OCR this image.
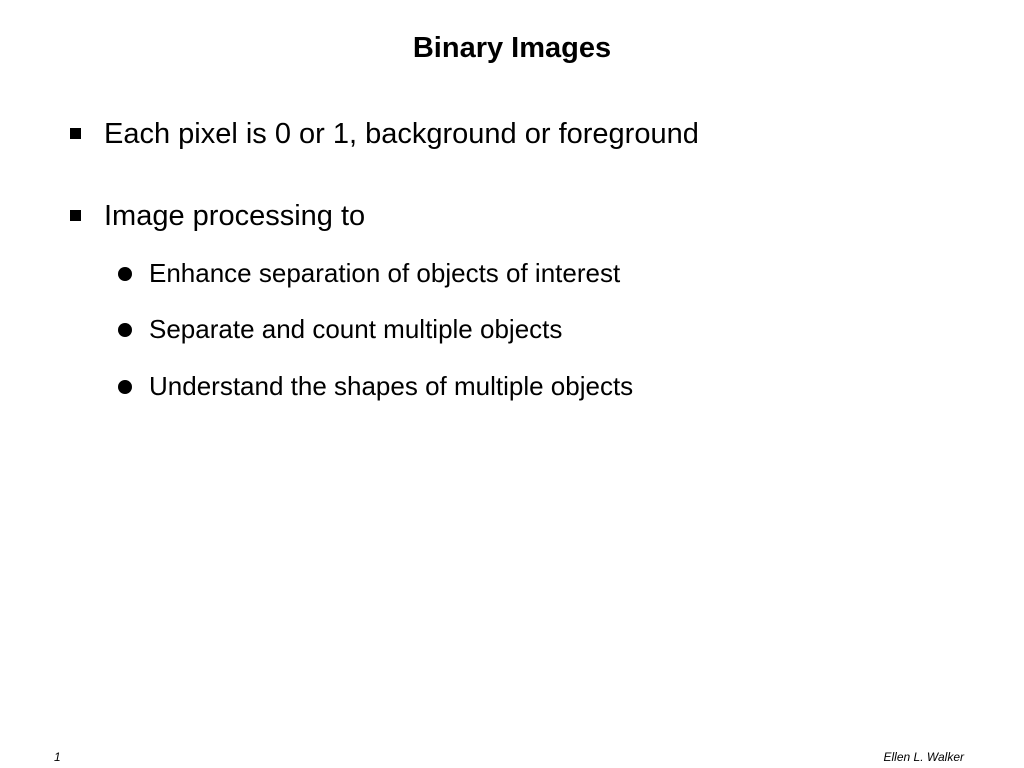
Binary Images
Each pixel is 0 or 1, background or foreground
Image processing to
Enhance separation of objects of interest
Separate and count multiple objects
Understand the shapes of multiple objects
1	Ellen L. Walker
